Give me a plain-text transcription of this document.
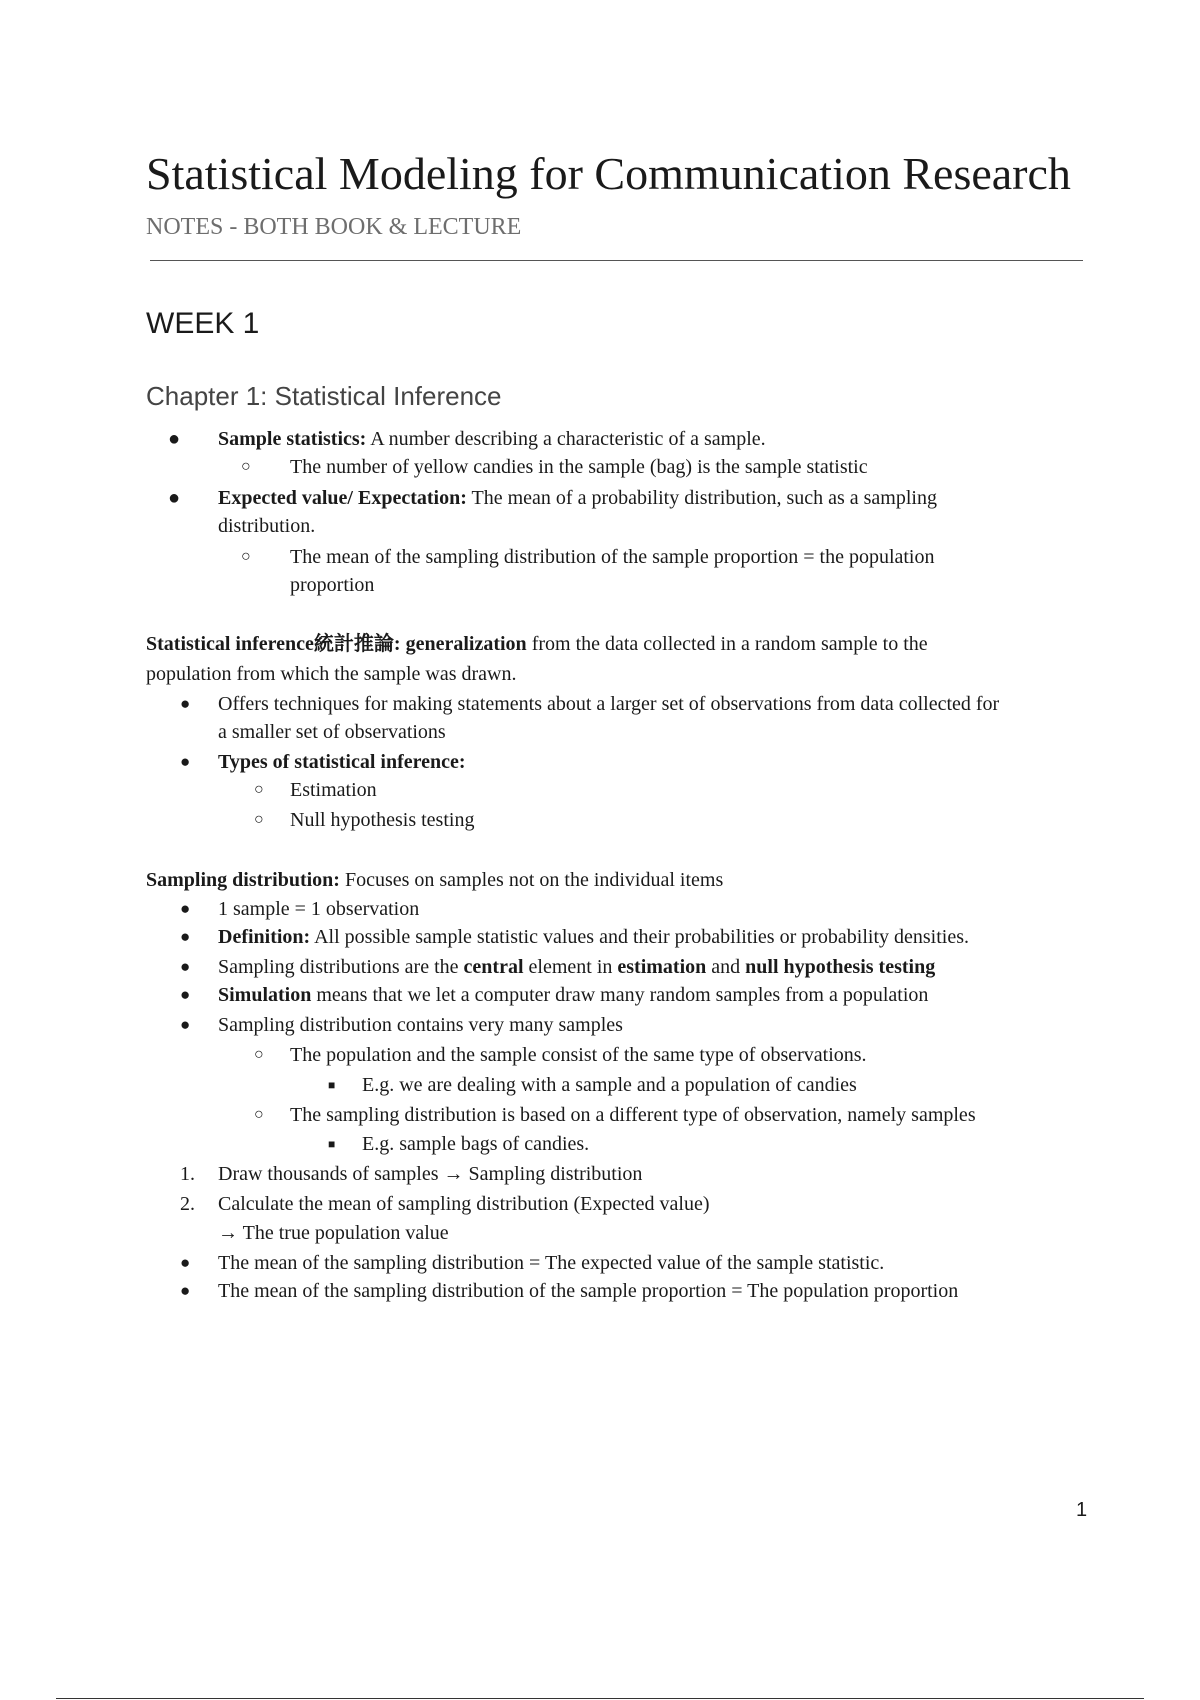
Statistical Modeling for Communication Research
NOTES - BOTH BOOK & LECTURE
WEEK 1
Chapter 1: Statistical Inference
● Sample statistics: A number describing a characteristic of a sample.
○ The number of yellow candies in the sample (bag) is the sample statistic
● Expected value/ Expectation: The mean of a probability distribution, such as a sampling
distribution.
○ The mean of the sampling distribution of the sample proportion = the population
proportion
Statistical inference統計推論: generalization from the data collected in a random sample to the
population from which the sample was drawn.
● Offers techniques for making statements about a larger set of observations from data collected for
a smaller set of observations
● Types of statistical inference:
○ Estimation
○ Null hypothesis testing
Sampling distribution: Focuses on samples not on the individual items
● 1 sample = 1 observation
● Definition: All possible sample statistic values and their probabilities or probability densities.
● Sampling distributions are the central element in estimation and null hypothesis testing
● Simulation means that we let a computer draw many random samples from a population
● Sampling distribution contains very many samples
○ The population and the sample consist of the same type of observations.
■ E.g. we are dealing with a sample and a population of candies
○ The sampling distribution is based on a different type of observation, namely samples
■ E.g. sample bags of candies.
1. Draw thousands of samples → Sampling distribution
2. Calculate the mean of sampling distribution (Expected value)
→ The true population value
● The mean of the sampling distribution = The expected value of the sample statistic.
● The mean of the sampling distribution of the sample proportion = The population proportion
1
